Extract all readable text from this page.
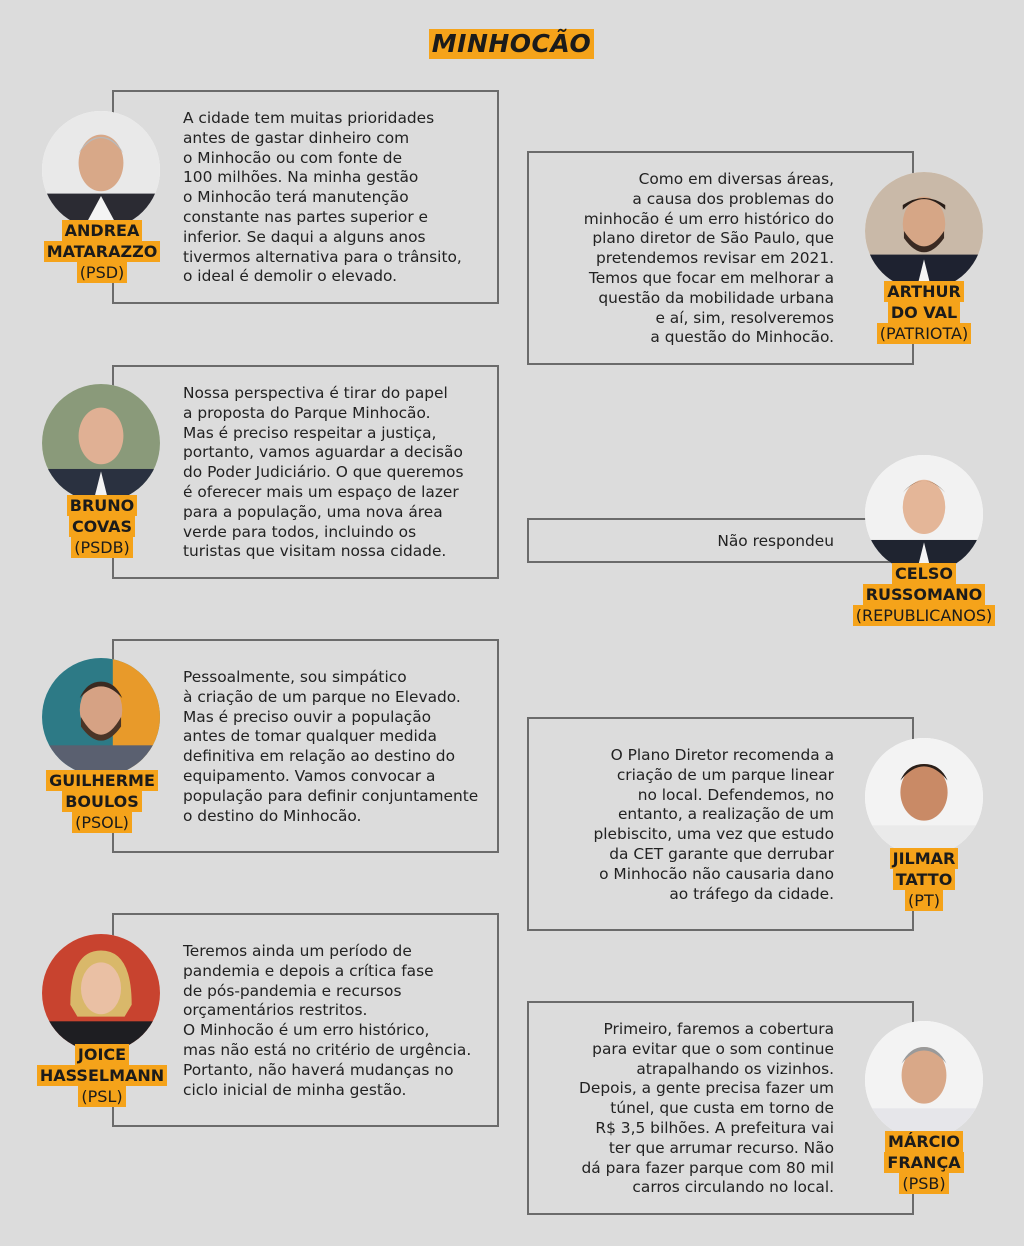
MINHOCÃO
A cidade tem muitas prioridades
antes de gastar dinheiro com
o Minhocão ou com fonte de
100 milhões. Na minha gestão
o Minhocão terá manutenção
constante nas partes superior e
inferior. Se daqui a alguns anos
tivermos alternativa para o trânsito,
o ideal é demolir o elevado.
ANDREA
MATARAZZO
(PSD)
Como em diversas áreas,
a causa dos problemas do
minhocão é um erro histórico do
plano diretor de São Paulo, que
pretendemos revisar em 2021.
Temos que focar em melhorar a
questão da mobilidade urbana
e aí, sim, resolveremos
a questão do Minhocão.
ARTHUR
DO VAL
(PATRIOTA)
Nossa perspectiva é tirar do papel
a proposta do Parque Minhocão.
Mas é preciso respeitar a justiça,
portanto, vamos aguardar a decisão
do Poder Judiciário. O que queremos
é oferecer mais um espaço de lazer
para a população, uma nova área
verde para todos, incluindo os
turistas que visitam nossa cidade.
BRUNO
COVAS
(PSDB)	Não respondeu
CELSO
RUSSOMANO
(REPUBLICANOS)
Pessoalmente, sou simpático
à criação de um parque no Elevado.
Mas é preciso ouvir a população
antes de tomar qualquer medida
definitiva em relação ao destino do
equipamento. Vamos convocar a
população para definir conjuntamente
o destino do Minhocão.
GUILHERME
BOULOS
(PSOL)
O Plano Diretor recomenda a
criação de um parque linear
no local. Defendemos, no
entanto, a realização de um
plebiscito, uma vez que estudo
da CET garante que derrubar
o Minhocão não causaria dano
ao tráfego da cidade.
JILMAR
TATTO
(PT)
Teremos ainda um período de
pandemia e depois a crítica fase
de pós-pandemia e recursos
orçamentários restritos.
O Minhocão é um erro histórico,
mas não está no critério de urgência.
Portanto, não haverá mudanças no
ciclo inicial de minha gestão.
JOICE
HASSELMANN
(PSL)
Primeiro, faremos a cobertura
para evitar que o som continue
atrapalhando os vizinhos.
Depois, a gente precisa fazer um
túnel, que custa em torno de
R$ 3,5 bilhões. A prefeitura vai
ter que arrumar recurso. Não
dá para fazer parque com 80 mil
carros circulando no local.
MÁRCIO
FRANÇA
(PSB)
